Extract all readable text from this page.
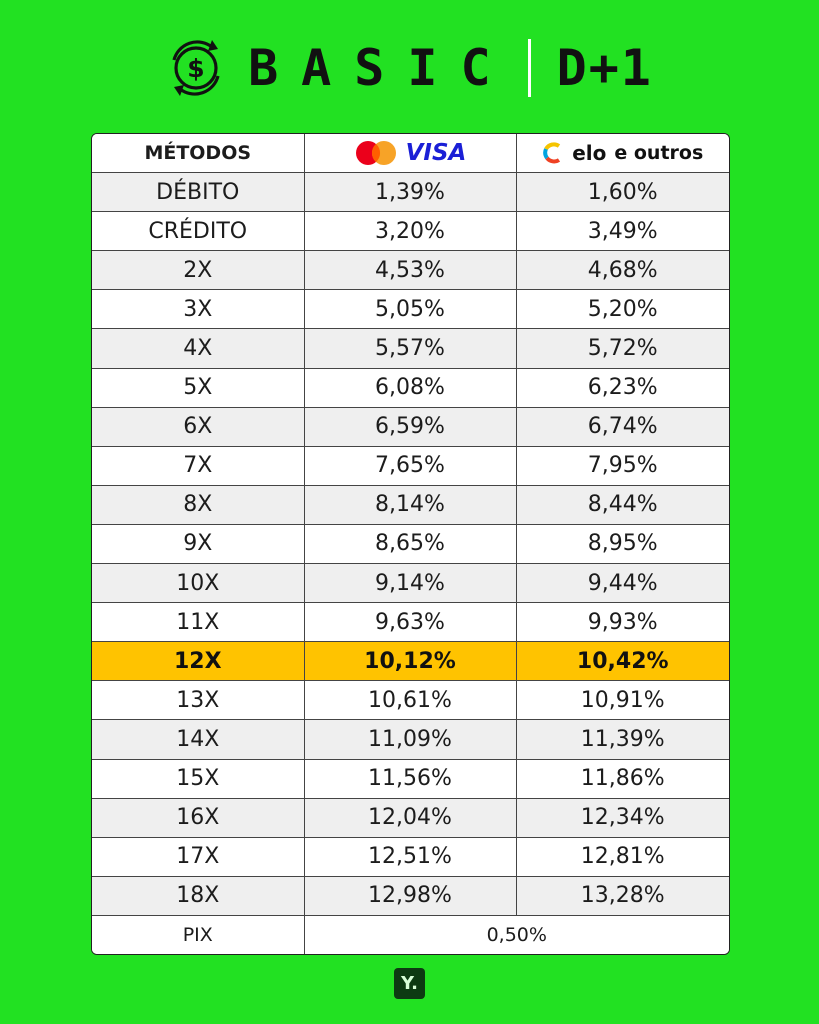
$ BASIC D+1
MÉTODOS	VISA	elo e outros

DÉBITO	1,39%	1,60%
CRÉDITO	3,20%	3,49%
2X	4,53%	4,68%
3X	5,05%	5,20%
4X	5,57%	5,72%
5X	6,08%	6,23%
6X	6,59%	6,74%
7X	7,65%	7,95%
8X	8,14%	8,44%
9X	8,65%	8,95%
10X	9,14%	9,44%
11X	9,63%	9,93%
12X	10,12%	10,42%
13X	10,61%	10,91%
14X	11,09%	11,39%
15X	11,56%	11,86%
16X	12,04%	12,34%
17X	12,51%	12,81%
18X	12,98%	13,28%
PIX	0,50%	
Y.
